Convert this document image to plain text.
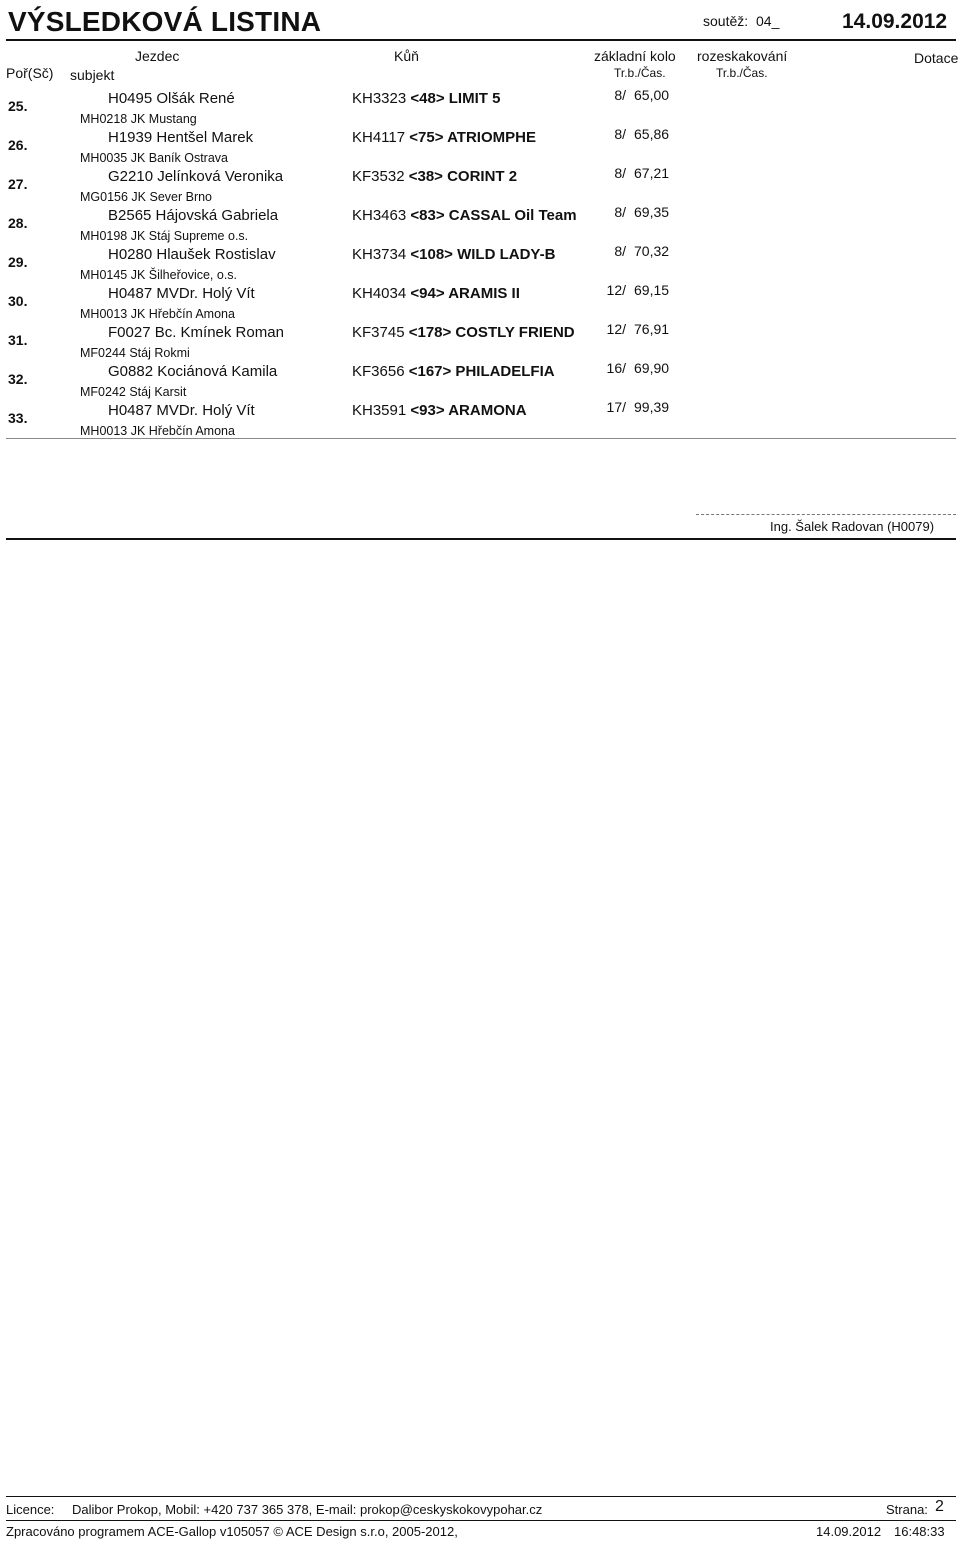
VÝSLEDKOVÁ LISTINA	soutěž: 04_	14.09.2012
Poř(Sč)
Jezdec
subjekt
Kůň	základní kolo
Tr.b./Čas.
rozeskakování
Tr.b./Čas.
Dotace
25.	H0495 Olšák René	KH3323 <48> LIMIT 5	8/ 65,00
MH0218 JK Mustang
26.	H1939 Hentšel Marek	KH4117 <75> ATRIOMPHE	8/ 65,86
MH0035 JK Baník Ostrava
27.	G2210 Jelínková Veronika	KF3532 <38> CORINT 2	8/ 67,21
MG0156 JK Sever Brno
28.	B2565 Hájovská Gabriela	KH3463 <83> CASSAL Oil Team	8/ 69,35
MH0198 JK Stáj Supreme o.s.
29.	H0280 Hlaušek Rostislav	KH3734 <108> WILD LADY-B	8/ 70,32
MH0145 JK Šilheřovice, o.s.
30.	H0487 MVDr. Holý Vít	KH4034 <94> ARAMIS II	12/ 69,15
MH0013 JK Hřebčín Amona
31.	F0027 Bc. Kmínek Roman	KF3745 <178> COSTLY FRIEND	12/ 76,91
MF0244 Stáj Rokmi
32.	G0882 Kociánová Kamila	KF3656 <167> PHILADELFIA	16/ 69,90
MF0242 Stáj Karsit
33.	H0487 MVDr. Holý Vít	KH3591 <93> ARAMONA	17/ 99,39
MH0013 JK Hřebčín Amona
Ing. Šalek Radovan (H0079)
Licence: Dalibor Prokop, Mobil: +420 737 365 378, E-mail: prokop@ceskyskokovypohar.cz	Strana: 2
Zpracováno programem ACE-Gallop v105057 © ACE Design s.r.o, 2005-2012,	14.09.2012 16:48:33
